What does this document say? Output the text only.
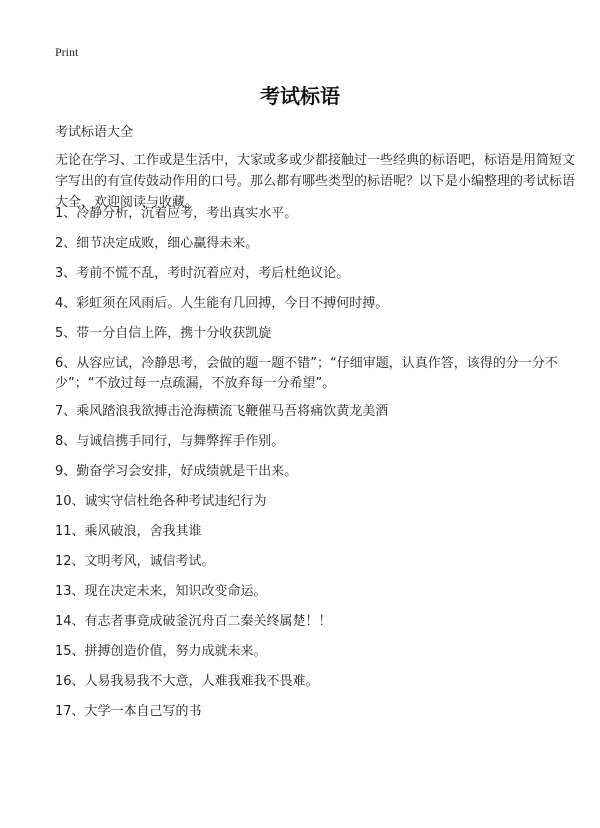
Print
考试标语
考试标语大全
无论在学习、工作或是生活中，大家或多或少都接触过一些经典的标语吧，标语是用简短文字写出的有宣传鼓动作用的口号。那么都有哪些类型的标语呢？以下是小编整理的考试标语大全，欢迎阅读与收藏。
1、冷静分析，沉着应考，考出真实水平。
2、细节决定成败，细心赢得未来。
3、考前不慌不乱，考时沉着应对，考后杜绝议论。
4、彩虹须在风雨后。人生能有几回搏，今日不搏何时搏。
5、带一分自信上阵，携十分收获凯旋
6、从容应试，冷静思考，会做的题一题不错”；“仔细审题，认真作答，该得的分一分不少”；“不放过每一点疏漏，不放弃每一分希望”。
7、乘风踏浪我欲搏击沧海横流飞鞭催马吾将痛饮黄龙美酒
8、与诚信携手同行，与舞弊挥手作别。
9、勤奋学习会安排，好成绩就是干出来。
10、诚实守信杜绝各种考试违纪行为
11、乘风破浪，舍我其谁
12、文明考风，诚信考试。
13、现在决定未来，知识改变命运。
14、有志者事竟成破釜沉舟百二秦关终属楚！！
15、拼搏创造价值，努力成就未来。
16、人易我易我不大意，人难我难我不畏难。
17、大学一本自己写的书
